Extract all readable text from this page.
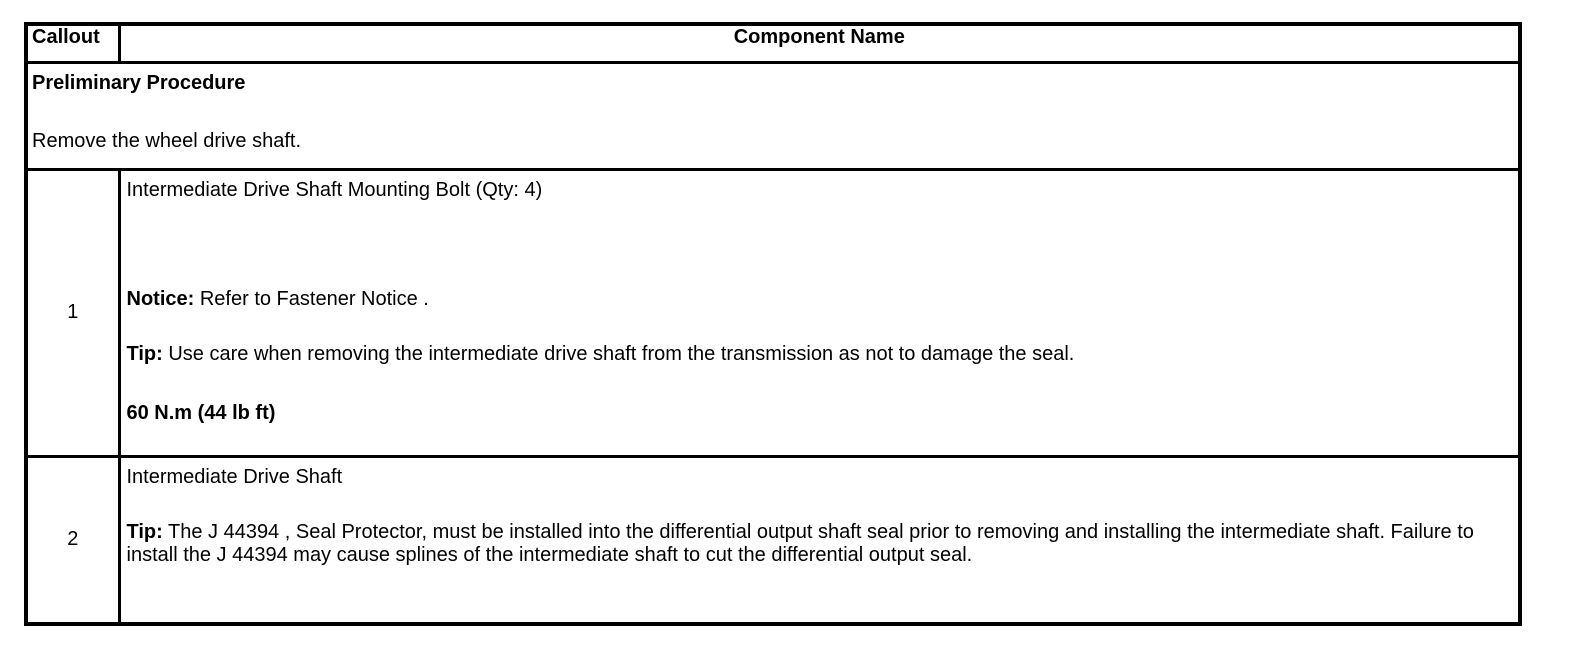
Callout	Component Name

Preliminary Procedure
Remove the wheel drive shaft.	

1	Intermediate Drive Shaft Mounting Bolt (Qty: 4)
Notice: Refer to Fastener Notice .
Tip: Use care when removing the intermediate drive shaft from the transmission as not to damage the seal.
60 N.m (44 lb ft)

2	Intermediate Drive Shaft
Tip: The J 44394 , Seal Protector, must be installed into the differential output shaft seal prior to removing and installing the intermediate shaft. Failure to install the J 44394 may cause splines of the intermediate shaft to cut the differential output seal.
